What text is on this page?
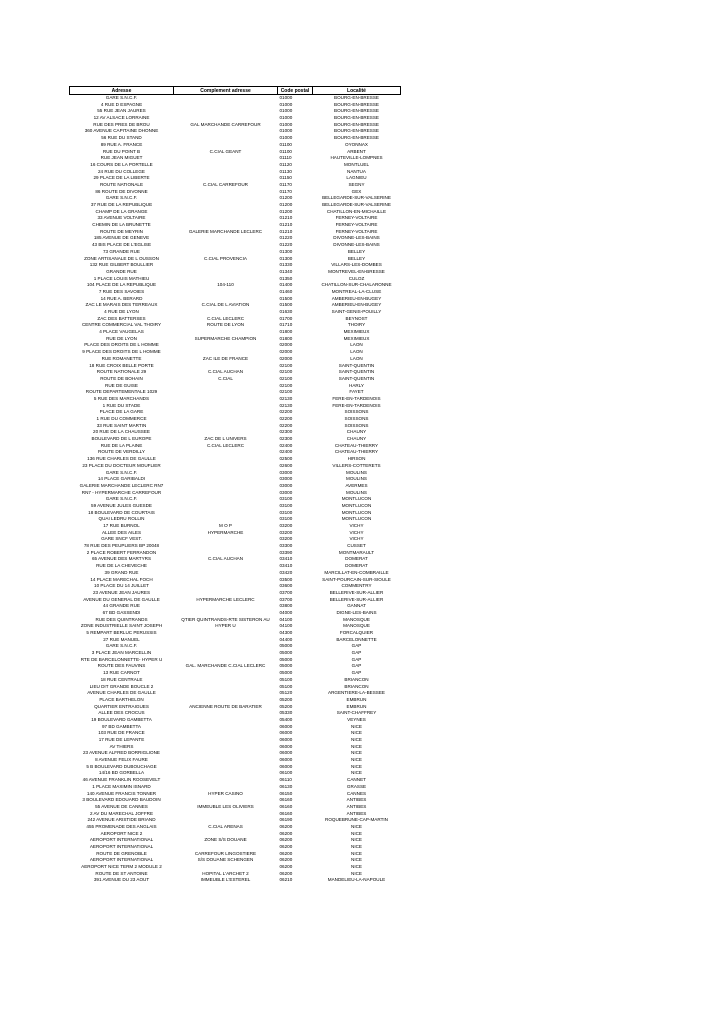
Adresse	Complement adresse	Code postal	Localité
GARE S.N.C.F.		01000	BOURG-EN-BRESSE
4 RUE D ESPAGNE		01000	BOURG-EN-BRESSE
55 RUE JEAN JAURES		01000	BOURG-EN-BRESSE
12 AV ALSACE LORRAINE		01000	BOURG-EN-BRESSE
RUE DES PRES DE BROU	GAL MARCHANDE CARREFOUR	01000	BOURG-EN-BRESSE
360 AVENUE CAPITAINE DHONNE		01000	BOURG-EN-BRESSE
56 RUE DU STAND		01000	BOURG-EN-BRESSE
89 RUE A. FRANCE		01100	OYONNAX
RUE DU POINT B	C.CIAL GEANT	01100	ARBENT
RUE JEAN MIGUET		01110	HAUTEVILLE-LOMPNES
16 COURS DE LA PORTELLE		01120	MONTLUEL
24 RUE DU COLLEGE		01130	NANTUA
29 PLACE DE LA LIBERTE		01150	LAGNIEU
ROUTE NATIONALE	C.CIAL CARREFOUR	01170	SEGNY
86 ROUTE DE DIVONNE		01170	GEX
GARE S.N.C.F.		01200	BELLEGARDE-SUR-VALSERINE
37 RUE DE LA REPUBLIQUE		01200	BELLEGARDE-SUR-VALSERINE
CHAMP DE LA GRANGE		01200	CHATILLON-EN-MICHAILLE
33 AVENUE VOLTAIRE		01210	FERNEY-VOLTAIRE
CHEMIN DE LA BRUNETTE		01210	FERNEY-VOLTAIRE
ROUTE DE MEYRIN	GALERIE MARCHANDE LECLERC	01210	FERNEY-VOLTAIRE
185 AVENUE DE GENEVE		01220	DIVONNE-LES-BAINS
43 BIS PLACE DE L'EGLISE		01220	DIVONNE-LES-BAINS
73 GRANDE RUE		01300	BELLEY
ZONE ARTISANALE DE L OUSSON	C.CIAL PROVENCIA	01300	BELLEY
132 RUE GILBERT BOULLIER		01330	VILLARS-LES-DOMBES
GRANDE RUE		01340	MONTREVEL-EN-BRESSE
1 PLACE LOUIS MATHIEU		01350	CULOZ
104 PLACE DE LA REPUBLIQUE	104-110	01400	CHATILLON-SUR-CHALARONNE
7 RUE DES SAVOIES		01460	MONTREAL-LA-CLUSE
14 RUE A. BERARD		01500	AMBERIEU-EN-BUGEY
ZAC LE MARAIS DES TERREAUX	C.CIAL DE L AVIATION	01500	AMBERIEU-EN-BUGEY
4 RUE DE LYON		01630	SAINT-GENIS-POUILLY
ZAC DES BATTERSES	C.CIAL LECLERC	01700	BEYNOST
CENTRE COMMERCIAL VAL THOIRY	ROUTE DE LYON	01710	THOIRY
4 PLACE VAUGELAS		01800	MEXIMIEUX
RUE DE LYON	SUPERMARCHE CHAMPION	01800	MEXIMIEUX
PLACE DES DROITS DE L HOMME		02000	LAON
9 PLACE DES DROITS DE L HOMME		02000	LAON
RUE ROMANETTE	ZAC ILE DE FRANCE	02000	LAON
18 RUE CROIX BELLE PORTE		02100	SAINT-QUENTIN
ROUTE NATIONALE 29	C.CIAL AUCHAN	02100	SAINT-QUENTIN
ROUTE DE BOHAIN	C.CIAL	02100	SAINT-QUENTIN
RUE DE GUISE		02100	HARLY
ROUTE DEPARTEMENTALE 1029		02100	FAYET
5 RUE DES MARCHANDS		02130	FERE-EN-TARDENOIS
1 RUE DU STADE		02130	FERE-EN-TARDENOIS
PLACE DE LA GARE		02200	SOISSONS
1 RUE DU COMMERCE		02200	SOISSONS
33 RUE SAINT MARTIN		02200	SOISSONS
20 RUE DE LA CHAUSSEE		02300	CHAUNY
BOULEVARD DE L EUROPE	ZAC DE L UNIVERS	02300	CHAUNY
RUE DE LA PLAINE	C.CIAL LECLERC	02400	CHATEAU-THIERRY
ROUTE DE VERDILLY		02400	CHATEAU-THIERRY
136 RUE CHARLES DE GAULLE		02500	HIRSON
23 PLACE DU DOCTEUR MOUFLIER		02600	VILLERS-COTTERETS
GARE S.N.C.F.		03000	MOULINS
14 PLACE GARIBALDI		03000	MOULINS
GALERIE MARCHANDE LECLERC RN7		03000	AVERMES
RN7 - HYPERMARCHE CARREFOUR		03000	MOULINS
GARE S.N.C.F.		03100	MONTLUCON
59 AVENUE JULES GUESDE		03100	MONTLUCON
18 BOULEVARD DE COURTAIS		03100	MONTLUCON
QUAI LEDRU ROLLIN		03100	MONTLUCON
17 RUE BURNOL	M O P	03200	VICHY
ALLEE DES AILES	HYPERMARCHE	03200	VICHY
GARE SNCF VEST.		03200	VICHY
78 RUE DES PEUPLIERS BP 20048		03300	CUSSET
2 PLACE ROBERT FERRANDON		03390	MONTMARAULT
65 AVENUE DES MARTYRS	C.CIAL AUCHAN	03410	DOMERAT
RUE DE LA CHEVECHE		03410	DOMERAT
39 GRAND RUE		03420	MARCILLAT-EN-COMBRAILLE
14 PLACE MARECHAL FOCH		03500	SAINT-POURCAIN-SUR-SIOULE
10 PLACE DU 14 JUILLET		03600	COMMENTRY
23 AVENUE JEAN JAURES		03700	BELLERIVE-SUR-ALLIER
AVENUE DU GENERAL DE GAULLE	HYPERMARCHE LECLERC	03700	BELLERIVE-SUR-ALLIER
44 GRANDE RUE		03800	GANNAT
67 BD GASSENDI		04000	DIGNE-LES-BAINS
RUE DES QUINTRANDS	QTIER QUINTRANDS-RTE SISTERON AU	04100	MANOSQUE
ZONE INDUSTRIELLE SAINT JOSEPH	HYPER U	04100	MANOSQUE
5 REMPART BERLUC PERUSSIS		04300	FORCALQUIER
27 RUE MANUEL		04400	BARCELONNETTE
GARE S.N.C.F.		05000	GAP
3 PLACE JEAN MARCELLIN		05000	GAP
RTE DE BARCELONNETTE- HYPER U		05000	GAP
ROUTE DES FAUVINS	GAL. MARCHANDE C.CIAL LECLERC	05000	GAP
13 RUE CARNOT		05000	GAP
18 RUE CENTRALE		05100	BRIANCON
LIEU DIT GRANDE BOUCLE 2		05100	BRIANCON
AVENUE CHARLES DE GAULLE		05120	ARGENTIERE-LA-BESSEE
PLACE BARTHELON		05200	EMBRUN
QUARTIER ENTRAIGUES	ANCIENNE ROUTE DE BARATIER	05200	EMBRUN
ALLEE DES CROCUS		05330	SAINT-CHAFFREY
19 BOULEVARD GAMBETTA		05400	VEYNES
97 BD GAMBETTA		06000	NICE
103 RUE DE FRANCE		06000	NICE
17 RUE DE LEPANTE		06000	NICE
AV THIERS		06000	NICE
23 AVENUE ALFRED BORRIGLIONE		06000	NICE
8 AVENUE FELIX FAURE		06000	NICE
5 B BOULEVARD DUBOUCHAGE		06000	NICE
14/16 BD GORBELLA		06100	NICE
46 AVENUE FRANKLIN ROOSEVELT		06110	CANNET
1 PLACE MAXIMIN ISNARD		06130	GRASSE
140 AVENUE FRANCIS TONNER	HYPER CASINO	06150	CANNES
3 BOULEVARD EDOUARD BAUDOIN		06160	ANTIBES
55 AVENUE DE CANNES	IMMEUBLE LES OLIVIERS	06160	ANTIBES
2 AV DU MARECHAL JOFFRE		06160	ANTIBES
242 AVENUE ARISTIDE BRIAND		06190	ROQUEBRUNE-CAP-MARTIN
455 PROMENADE DES ANGLAIS	C.CIAL ARENAS	06200	NICE
AEROPORT NICE 2		06200	NICE
AEROPORT INTERNATIONAL	ZONE S/S DOUANE	06200	NICE
AEROPORT INTERNATIONAL		06200	NICE
ROUTE DE GRENOBLE	CARREFOUR LINGOSTIERE	06200	NICE
AEROPORT INTERNATIONAL	S/S DOUANE SCHENGEN	06200	NICE
AEROPORT NICE TERM 2 MODULE 2		06200	NICE
ROUTE DE ST ANTOINE	HOPITAL L'ARCHET 2	06200	NICE
391 AVENUE DU 23 AOUT	IMMEUBLE L'ESTEREL	06210	MANDELIEU-LA-NAPOULE
